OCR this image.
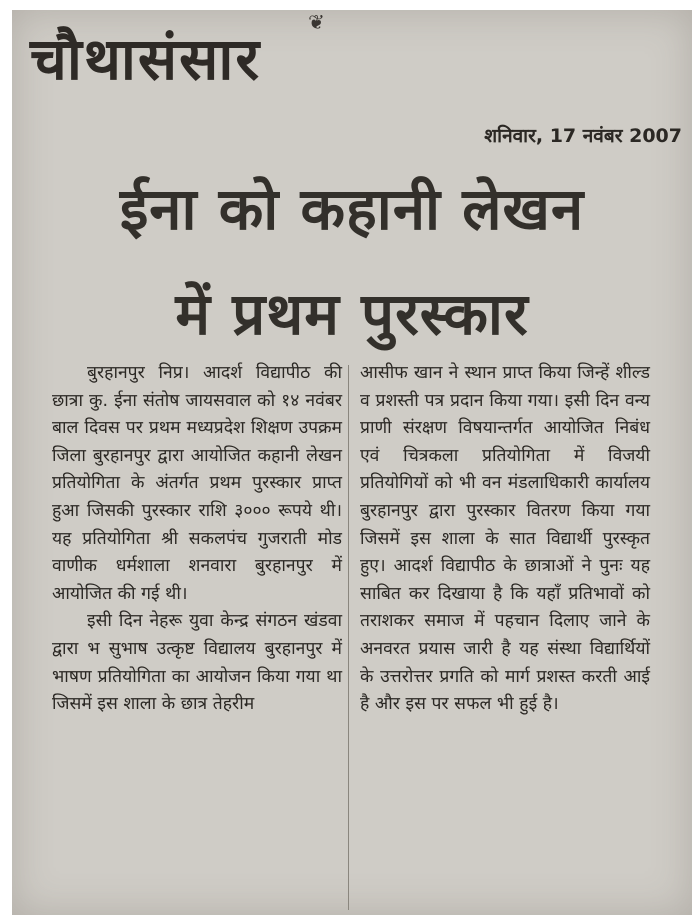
❦
चौथासंसार
शनिवार, 17 नवंबर 2007
ईना को कहानी लेखन
में प्रथम पुरस्कार

बुरहानपुर निप्र। आदर्श विद्यापीठ की छात्रा कु. ईना संतोष जायसवाल को १४ नवंबर बाल दिवस पर प्रथम मध्यप्रदेश शिक्षण उपक्रम जिला बुरहानपुर द्वारा आयोजित कहानी लेखन प्रतियोगिता के अंतर्गत प्रथम पुरस्कार प्राप्त हुआ जिसकी पुरस्कार राशि ३००० रूपये थी। यह प्रतियोगिता श्री सकलपंच गुजराती मोड वाणीक धर्मशाला शनवारा बुरहानपुर में आयोजित की गई थी।

इसी दिन नेहरू युवा केन्द्र संगठन खंडवा द्वारा भ सुभाष उत्कृष्ट विद्यालय बुरहानपुर में भाषण प्रतियोगिता का आयोजन किया गया था जिसमें इस शाला के छात्र तेहरीम

आसीफ खान ने स्थान प्राप्त किया जिन्हें शील्ड व प्रशस्ती पत्र प्रदान किया गया। इसी दिन वन्य प्राणी संरक्षण विषयान्तर्गत आयोजित निबंध एवं चित्रकला प्रतियोगिता में विजयी प्रतियोगियों को भी वन मंडलाधिकारी कार्यालय बुरहानपुर द्वारा पुरस्कार वितरण किया गया जिसमें इस शाला के सात विद्यार्थी पुरस्कृत हुए। आदर्श विद्यापीठ के छात्राओं ने पुनः यह साबित कर दिखाया है कि यहाँ प्रतिभावों को तराशकर समाज में पहचान दिलाए जाने के अनवरत प्रयास जारी है यह संस्था विद्यार्थियों के उत्तरोत्तर प्रगति को मार्ग प्रशस्त करती आई है और इस पर सफल भी हुई है।
